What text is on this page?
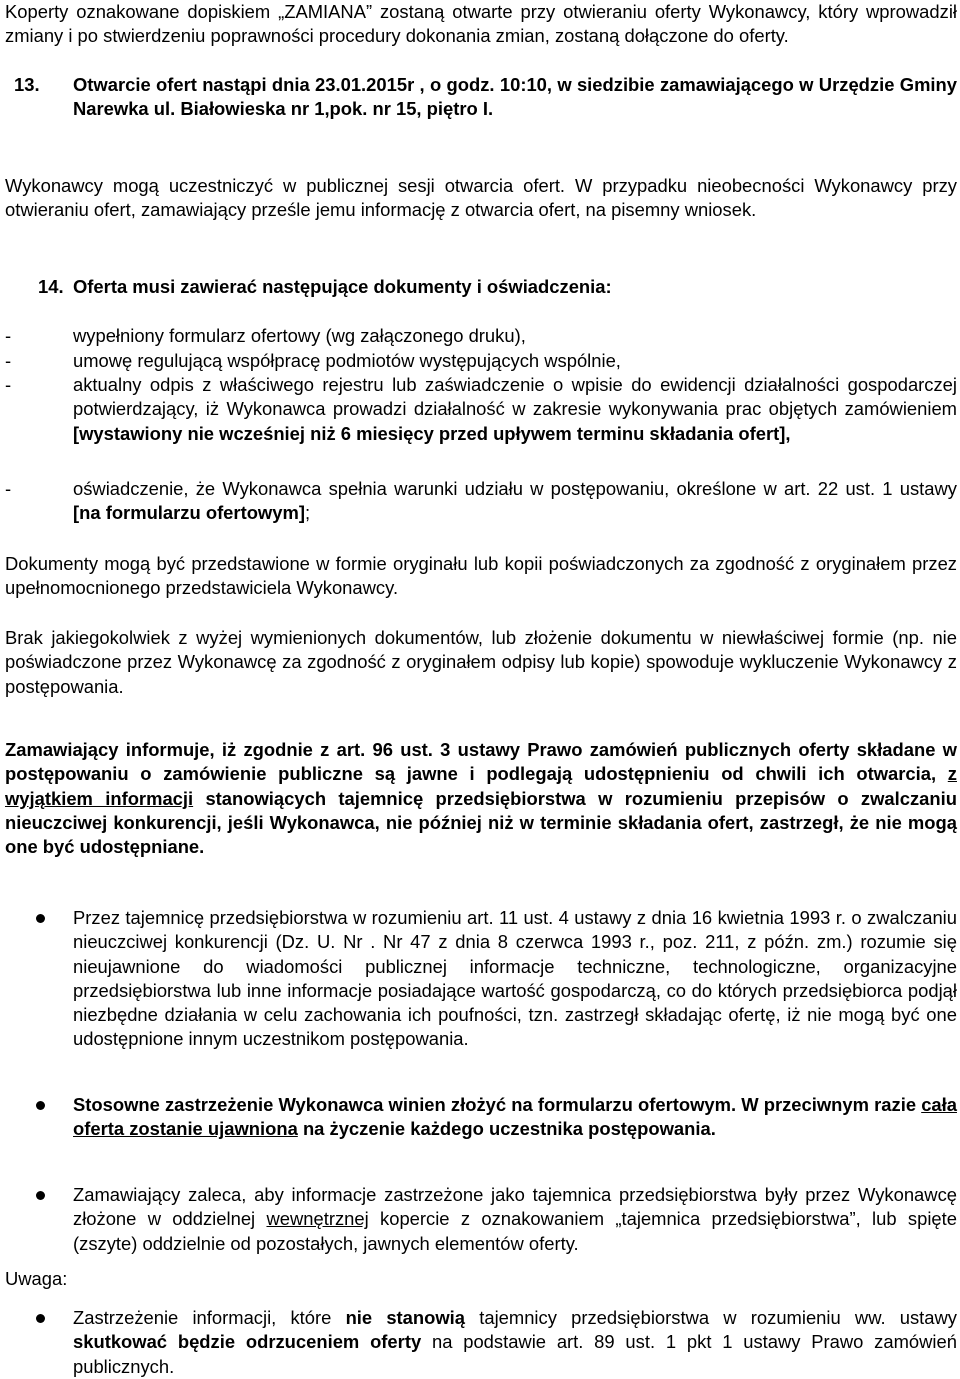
Koperty oznakowane dopiskiem „ZAMIANA” zostaną otwarte przy otwieraniu oferty Wykonawcy, który wprowadził zmiany i po stwierdzeniu poprawności procedury dokonania zmian, zostaną dołączone do oferty.

13. Otwarcie ofert nastąpi dnia 23.01.2015r , o godz. 10:10, w siedzibie zamawiającego w Urzędzie Gminy Narewka ul. Białowieska nr 1,pok. nr 15, piętro I.

Wykonawcy mogą uczestniczyć w publicznej sesji otwarcia ofert. W przypadku nieobecności Wykonawcy przy otwieraniu ofert, zamawiający prześle jemu informację z otwarcia ofert, na pisemny wniosek.

14. Oferta musi zawierać następujące dokumenty i oświadczenia:

-	wypełniony formularz ofertowy (wg załączonego druku),

-	umowę regulującą współpracę podmiotów występujących wspólnie,

-	aktualny odpis z właściwego rejestru lub zaświadczenie o wpisie do ewidencji działalności gospodarczej potwierdzający, iż Wykonawca prowadzi działalność w zakresie wykonywania prac objętych zamówieniem [wystawiony nie wcześniej niż 6 miesięcy przed upływem terminu składania ofert],

-	oświadczenie, że Wykonawca spełnia warunki udziału w postępowaniu, określone w art. 22 ust. 1 ustawy [na formularzu ofertowym];

Dokumenty mogą być przedstawione w formie oryginału lub kopii poświadczonych za zgodność z oryginałem przez upełnomocnionego przedstawiciela Wykonawcy.

Brak jakiegokolwiek z wyżej wymienionych dokumentów, lub złożenie dokumentu w niewłaściwej formie (np. nie poświadczone przez Wykonawcę za zgodność z oryginałem odpisy lub kopie) spowoduje wykluczenie Wykonawcy z postępowania.

Zamawiający informuje, iż zgodnie z art. 96 ust. 3 ustawy Prawo zamówień publicznych oferty składane w postępowaniu o zamówienie publiczne są jawne i podlegają udostępnieniu od chwili ich otwarcia, z wyjątkiem informacji stanowiących tajemnicę przedsiębiorstwa w rozumieniu przepisów o zwalczaniu nieuczciwej konkurencji, jeśli Wykonawca, nie później niż w terminie składania ofert, zastrzegł, że nie mogą one być udostępniane.

Przez tajemnicę przedsiębiorstwa w rozumieniu art. 11 ust. 4 ustawy z dnia 16 kwietnia 1993 r. o zwalczaniu nieuczciwej konkurencji (Dz. U. Nr . Nr 47 z dnia 8 czerwca 1993 r., poz. 211, z późn. zm.) rozumie się nieujawnione do wiadomości publicznej informacje techniczne, technologiczne, organizacyjne przedsiębiorstwa lub inne informacje posiadające wartość gospodarczą, co do których przedsiębiorca podjął niezbędne działania w celu zachowania ich poufności, tzn. zastrzegł składając ofertę, iż nie mogą być one udostępnione innym uczestnikom postępowania.

Stosowne zastrzeżenie Wykonawca winien złożyć na formularzu ofertowym. W przeciwnym razie cała oferta zostanie ujawniona na życzenie każdego uczestnika postępowania.

Zamawiający zaleca, aby informacje zastrzeżone jako tajemnica przedsiębiorstwa były przez Wykonawcę złożone w oddzielnej wewnętrznej kopercie z oznakowaniem „tajemnica przedsiębiorstwa”, lub spięte (zszyte) oddzielnie od pozostałych, jawnych elementów oferty.

Uwaga:

Zastrzeżenie informacji, które nie stanowią tajemnicy przedsiębiorstwa w rozumieniu ww. ustawy skutkować będzie odrzuceniem oferty na podstawie art. 89 ust. 1 pkt 1 ustawy Prawo zamówień publicznych.
